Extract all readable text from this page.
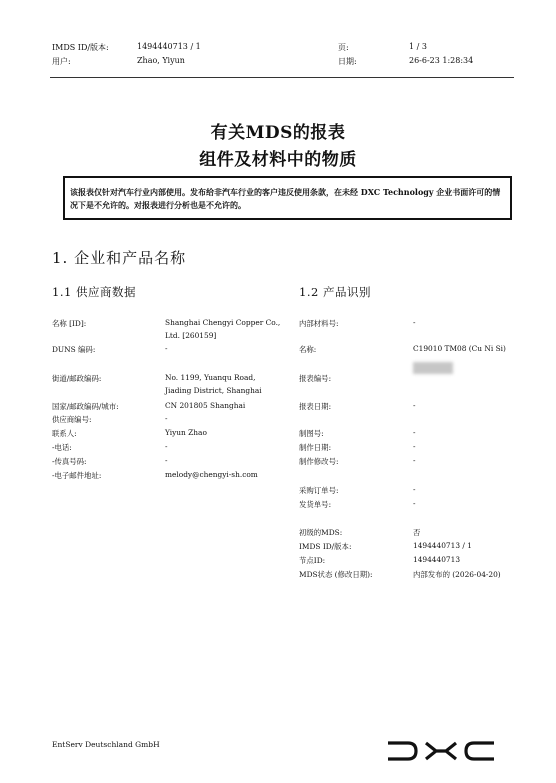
IMDS ID/版本:	1494440713 / 1	页:	1 / 3
用户:	Zhao, Yiyun	日期:	26-6-23 1:28:34
有关MDS的报表
组件及材料中的物质
该报表仅针对汽车行业内部使用。发布给非汽车行业的客户违反使用条款，在未经 DXC Technology 企业书面许可的情况下是不允许的。对报表进行分析也是不允许的。
1. 企业和产品名称
1.1 供应商数据
名称 [ID]:	Shanghai Chengyi Copper Co.,
Ltd. [260159]
DUNS 编码:	-
街道/邮政编码:	No. 1199, Yuanqu Road,
Jiading District, Shanghai
国家/邮政编码/城市:	CN 201805 Shanghai
供应商编号:	-
联系人:	Yiyun Zhao
-电话:	-
-传真号码:	-
-电子邮件地址:	melody@chengyi-sh.com
1.2 产品识别
内部材料号:	-
名称:	C19010 TM08 (Cu Ni Si)
报表编号:
报表日期:	-
制图号:	-
制作日期:	-
制作修改号:	-
采购订单号:	-
发货单号:	-
初级的MDS:	否
IMDS ID/版本:	1494440713 / 1
节点ID:	1494440713
MDS状态 (修改日期):	内部发布的 (2026-04-20)
EntServ Deutschland GmbH
